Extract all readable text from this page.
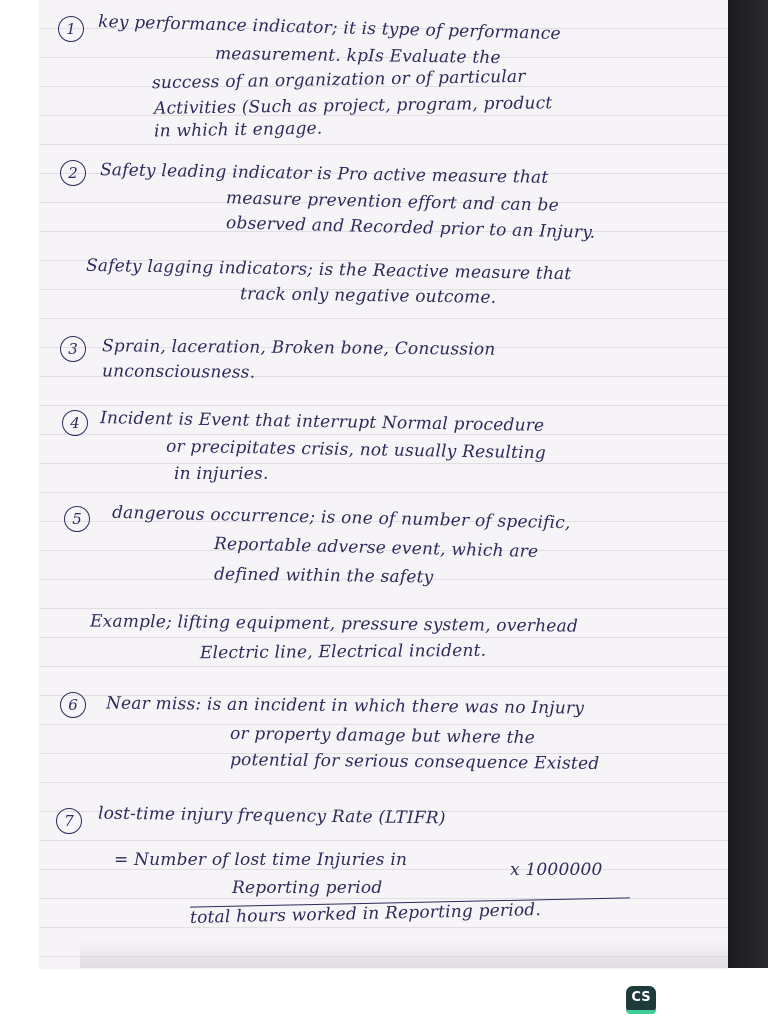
1	key performance indicator; it is type of performance
measurement. kpIs Evaluate the
success of an organization or of particular
Activities (Such as project, program, product
in which it engage.
2	Safety leading indicator is Pro active measure that
measure prevention effort and can be
observed and Recorded prior to an Injury.
Safety lagging indicators; is the Reactive measure that
track only negative outcome.
3	Sprain, laceration, Broken bone, Concussion
unconsciousness.
4	Incident is Event that interrupt Normal procedure
or precipitates crisis, not usually Resulting
in injuries.
5	dangerous occurrence; is one of number of specific,
Reportable adverse event, which are
defined within the safety
Example; lifting equipment, pressure system, overhead
Electric line, Electrical incident.
6	Near miss: is an incident in which there was no Injury
or property damage but where the
potential for serious consequence Existed
7	lost-time injury frequency Rate (LTIFR)
= Number of lost time Injuries in	x 1000000
Reporting period
total hours worked in Reporting period.
CS
